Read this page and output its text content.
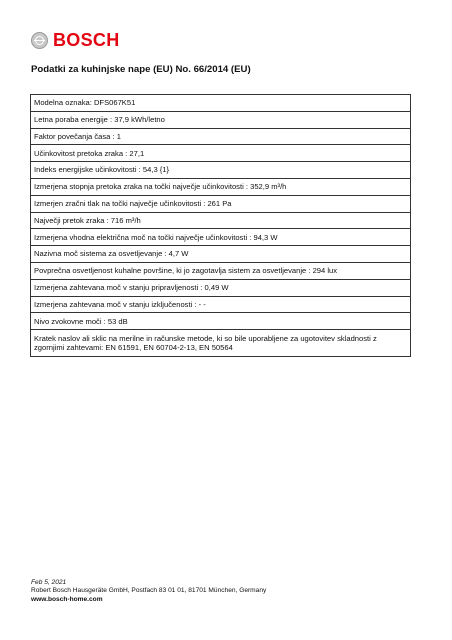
BOSCH
Podatki za kuhinjske nape (EU) No. 66/2014 (EU)
Modelna oznaka: DFS067K51
Letna poraba energije : 37,9 kWh/letno
Faktor povečanja časa : 1
Učinkovitost pretoka zraka : 27,1
Indeks energijske učinkovitosti : 54,3 {1}
Izmerjena stopnja pretoka zraka na točki največje učinkovitosti : 352,9 m³/h
Izmerjen zračni tlak na točki največje učinkovitosti : 261 Pa
Največji pretok zraka : 716 m³/h
Izmerjena vhodna električna moč na točki največje učinkovitosti : 94,3 W
Nazivna moč sistema za osvetljevanje : 4,7 W
Povprečna osvetljenost kuhalne površine, ki jo zagotavlja sistem za osvetljevanje : 294 lux
Izmerjena zahtevana moč v stanju pripravljenosti : 0,49 W
Izmerjena zahtevana moč v stanju izključenosti : - -
Nivo zvokovne moči : 53 dB
Kratek naslov ali sklic na merilne in računske metode, ki so bile uporabljene za ugotovitev skladnosti z zgornjimi zahtevami: EN 61591, EN 60704-2-13, EN 50564
Feb 5, 2021
Robert Bosch Hausgeräte GmbH, Postfach 83 01 01, 81701 München, Germany
www.bosch-home.com
